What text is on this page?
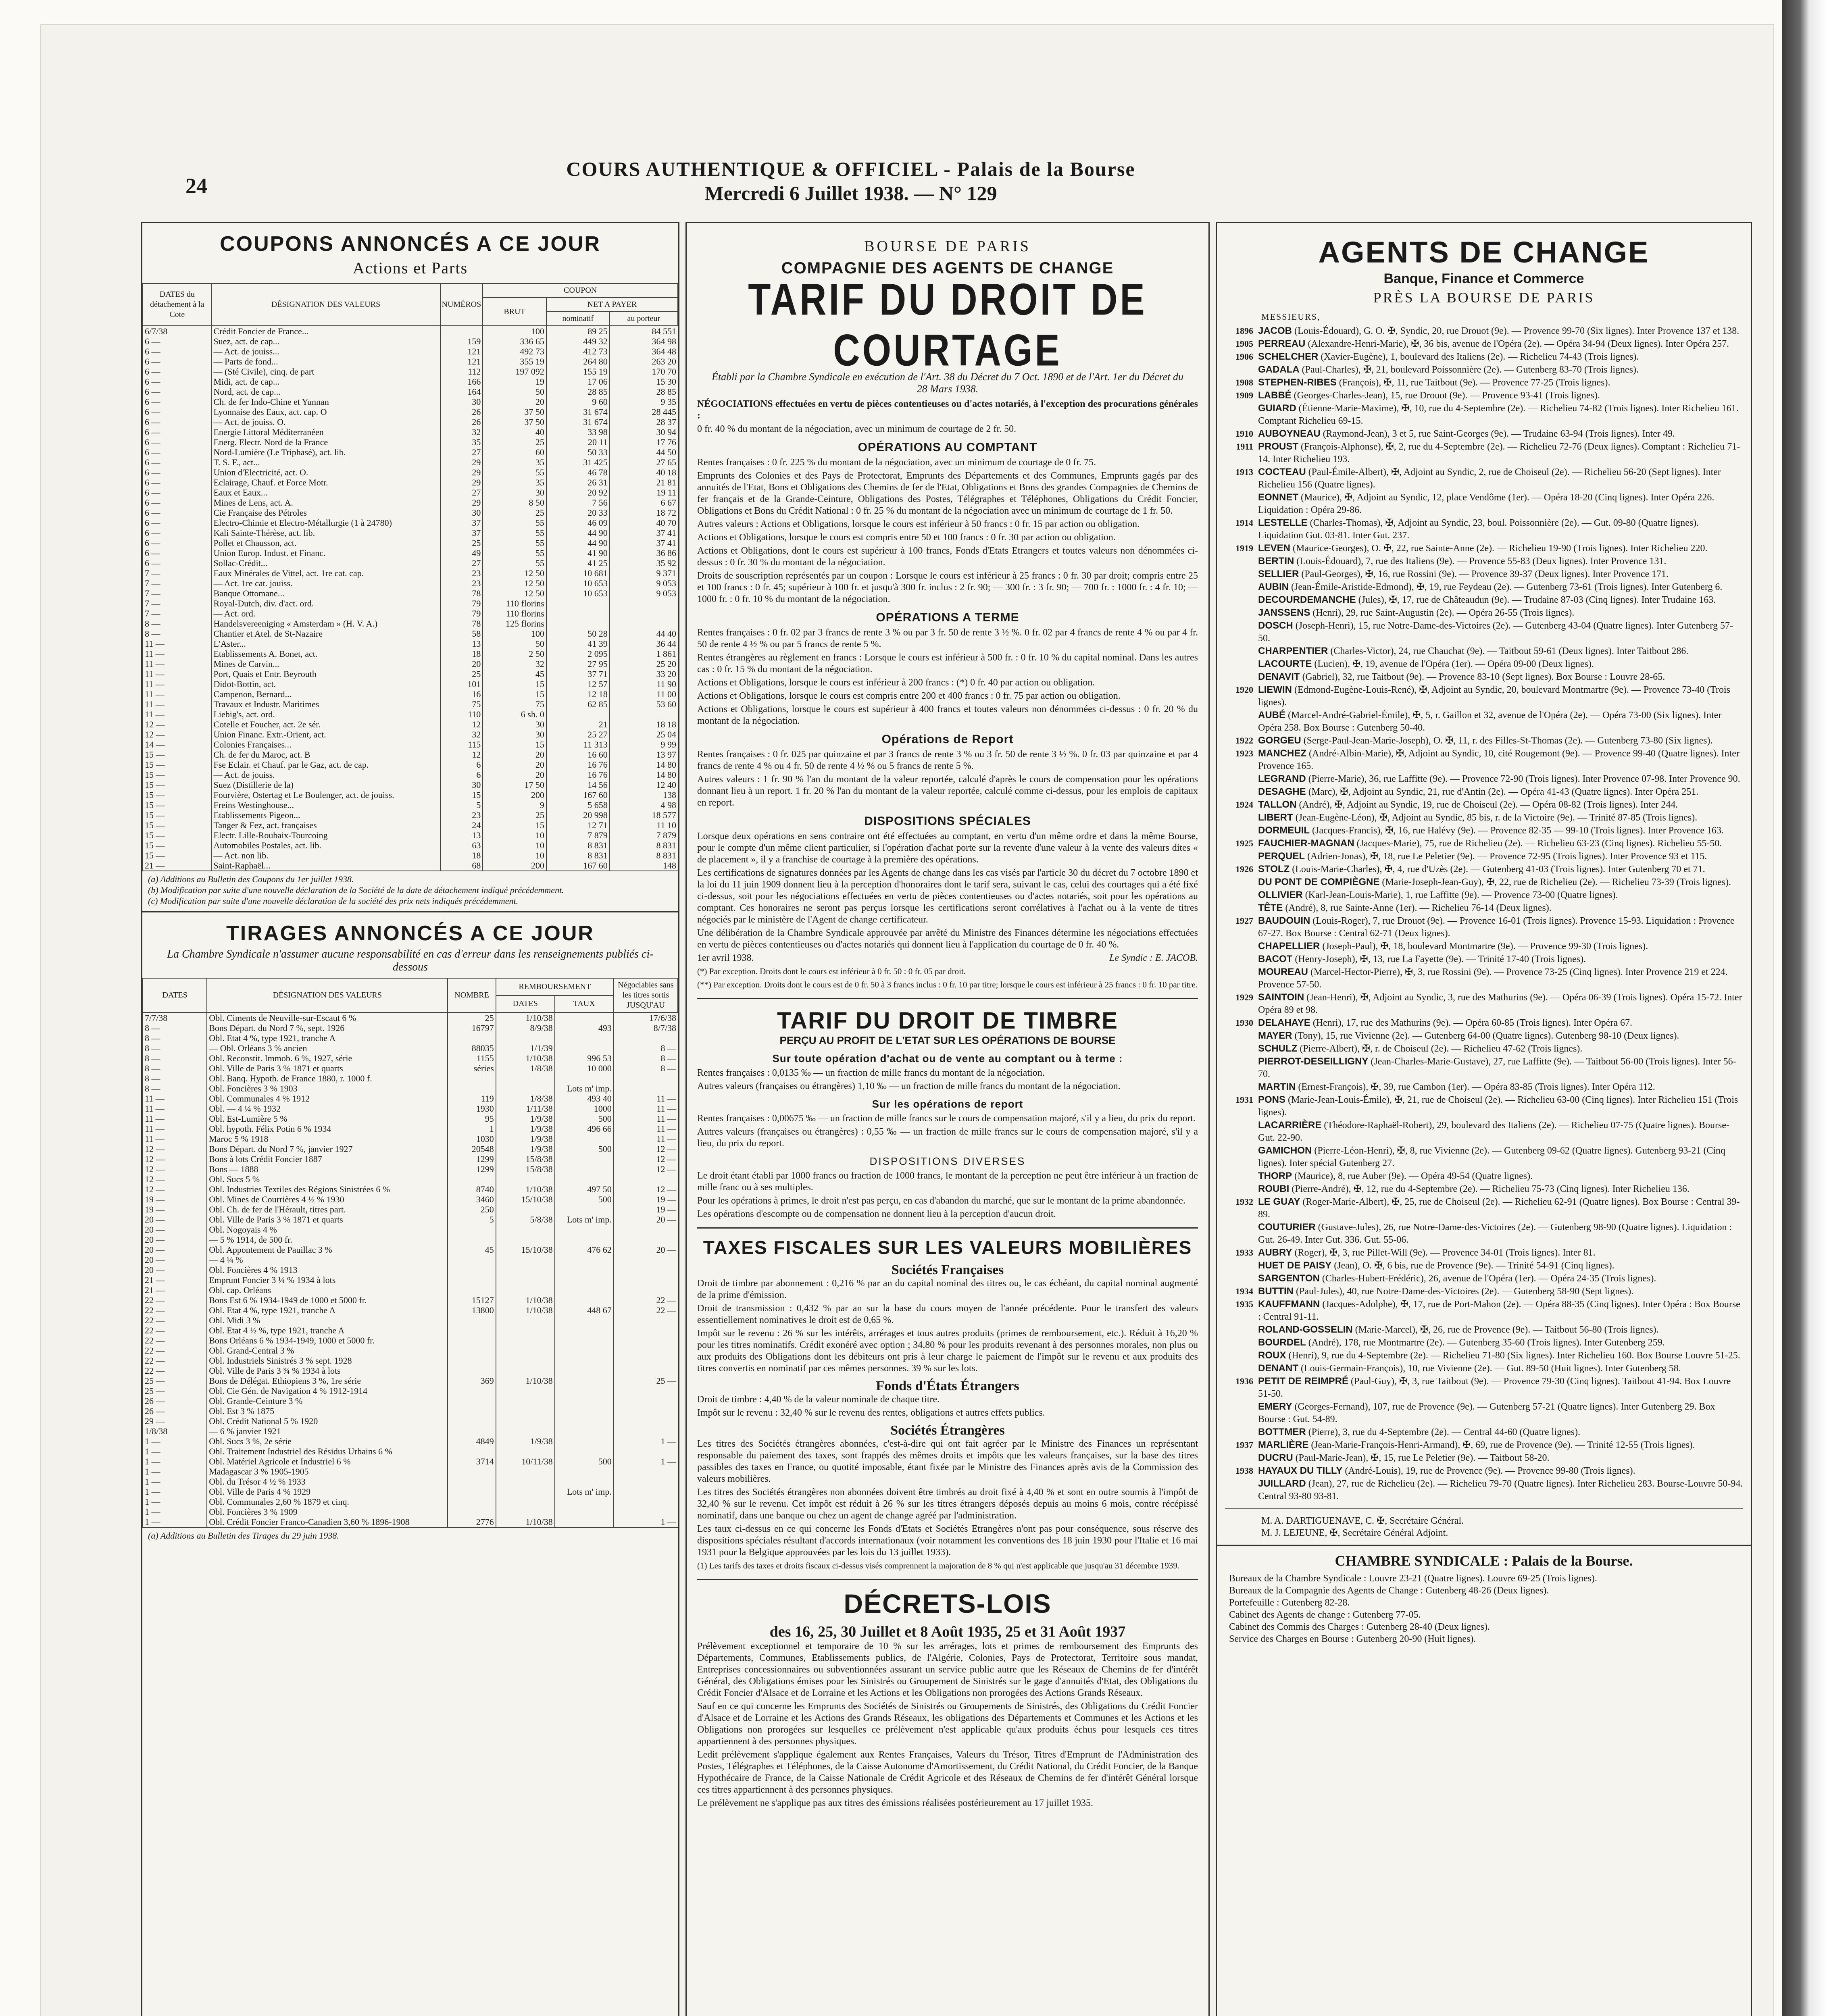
COURS AUTHENTIQUE & OFFICIEL - Palais de la Bourse
Mercredi 6 Juillet 1938. — N° 129
24
COUPONS ANNONCÉS A CE JOUR
Actions et Parts
DATES du détachement à la Cote	DÉSIGNATION DES VALEURS	NUMÉROS	COUPON		
			BRUT	NET A PAYER	
				nominatif	au porteur
6/7/38	Crédit Foncier de France...		100	89 25	84 551
6 —	Suez, act. de cap...	159	336 65	449 32	364 98
6 —	— Act. de jouiss...	121	492 73	412 73	364 48
6 —	— Parts de fond...	121	355 19	264 80	263 20
6 —	— (Sté Civile), cinq. de part	112	197 092	155 19	170 70
6 —	Midi, act. de cap...	166	19	17 06	15 30
6 —	Nord, act. de cap...	164	50	28 85	28 85
6 —	Ch. de fer Indo-Chine et Yunnan	30	20	9 60	9 35
6 —	Lyonnaise des Eaux, act. cap. O	26	37 50	31 674	28 445
6 —	— Act. de jouiss. O.	26	37 50	31 674	28 37
6 —	Energie Littoral Méditerranéen	32	40	33 98	30 94
6 —	Energ. Electr. Nord de la France	35	25	20 11	17 76
6 —	Nord-Lumière (Le Triphasé), act. lib.	27	60	50 33	44 50
6 —	T. S. F., act...	29	35	31 425	27 65
6 —	Union d'Electricité, act. O.	29	55	46 78	40 18
6 —	Eclairage, Chauf. et Force Motr.	29	35	26 31	21 81
6 —	Eaux et Eaux...	27	30	20 92	19 11
6 —	Mines de Lens, act. A.	29	8 50	7 56	6 67
6 —	Cie Française des Pétroles	30	25	20 33	18 72
6 —	Electro-Chimie et Electro-Métallurgie (1 à 24780)	37	55	46 09	40 70
6 —	Kali Sainte-Thérèse, act. lib.	37	55	44 90	37 41
6 —	Pollet et Chausson, act.	25	55	44 90	37 41
6 —	Union Europ. Indust. et Financ.	49	55	41 90	36 86
6 —	Sollac-Crédit...	27	55	41 25	35 92
7 —	Eaux Minérales de Vittel, act. 1re cat. cap.	23	12 50	10 681	9 371
7 —	— Act. 1re cat. jouiss.	23	12 50	10 653	9 053
7 —	Banque Ottomane...	78	12 50	10 653	9 053
7 —	Royal-Dutch, div. d'act. ord.	79	110 florins		
7 —	— Act. ord.	79	110 florins		
8 —	Handelsvereeniging « Amsterdam » (H. V. A.)	78	125 florins		
8 —	Chantier et Atel. de St-Nazaire	58	100	50 28	44 40
11 —	L'Aster...	13	50	41 39	36 44
11 —	Etablissements A. Bonet, act.	18	2 50	2 095	1 861
11 —	Mines de Carvin...	20	32	27 95	25 20
11 —	Port, Quais et Entr. Beyrouth	25	45	37 71	33 20
11 —	Didot-Bottin, act.	101	15	12 57	11 90
11 —	Campenon, Bernard...	16	15	12 18	11 00
11 —	Travaux et Industr. Maritimes	75	75	62 85	53 60
11 —	Liebig's, act. ord.	110	6 sh. 0		
12 —	Cotelle et Foucher, act. 2e sér.	12	30	21	18 18
12 —	Union Financ. Extr.-Orient, act.	32	30	25 27	25 04
14 —	Colonies Françaises...	115	15	11 313	9 99
15 —	Ch. de fer du Maroc, act. B	12	20	16 60	13 97
15 —	Fse Eclair. et Chauf. par le Gaz, act. de cap.	6	20	16 76	14 80
15 —	— Act. de jouiss.	6	20	16 76	14 80
15 —	Suez (Distillerie de la)	30	17 50	14 56	12 40
15 —	Fourvière, Ostertag et Le Boulenger, act. de jouiss.	15	200	167 60	138
15 —	Freins Westinghouse...	5	9	5 658	4 98
15 —	Etablissements Pigeon...	23	25	20 998	18 577
15 —	Tanger & Fez, act. françaises	24	15	12 71	11 10
15 —	Electr. Lille-Roubaix-Tourcoing	13	10	7 879	7 879
15 —	Automobiles Postales, act. lib.	63	10	8 831	8 831
15 —	— Act. non lib.	18	10	8 831	8 831
21 —	Saint-Raphaël...	68	200	167 60	148
(a) Additions au Bulletin des Coupons du 1er juillet 1938.
(b) Modification par suite d'une nouvelle déclaration de la Société de la date de détachement indiqué précédemment.
(c) Modification par suite d'une nouvelle déclaration de la société des prix nets indiqués précédemment.
TIRAGES ANNONCÉS A CE JOUR
La Chambre Syndicale n'assumer aucune responsabilité en cas d'erreur dans les renseignements publiés ci-dessous
DATES	DÉSIGNATION DES VALEURS	NOMBRE	REMBOURSEMENT		Négociables sans les titres sortis JUSQU'AU
			DATES	TAUX	
7/7/38	Obl. Ciments de Neuville-sur-Escaut 6 %	25	1/10/38		17/6/38
8 —	Bons Départ. du Nord 7 %, sept. 1926	16797	8/9/38	493	8/7/38
8 —	Obl. Etat 4 %, type 1921, tranche A				
8 —	— Obl. Orléans 3 % ancien	88035	1/1/39		8 —
8 —	Obl. Reconstit. Immob. 6 %, 1927, série	1155	1/10/38	996 53	8 —
8 —	Obl. Ville de Paris 3 % 1871 et quarts	séries	1/8/38	10 000	8 —
8 —	Obl. Banq. Hypoth. de France 1880, r. 1000 f.				
8 —	Obl. Foncières 3 % 1903			Lots m' imp.	
11 —	Obl. Communales 4 % 1912	119	1/8/38	493 40	11 —
11 —	Obl. — 4 ¼ % 1932	1930	1/11/38	1000	11 —
11 —	Obl. Est-Lumière 5 %	95	1/9/38	500	11 —
11 —	Obl. hypoth. Félix Potin 6 % 1934	1	1/9/38	496 66	11 —
11 —	Maroc 5 % 1918	1030	1/9/38		11 —
12 —	Bons Départ. du Nord 7 %, janvier 1927	20548	1/9/38	500	12 —
12 —	Bons à lots Crédit Foncier 1887	1299	15/8/38		12 —
12 —	Bons — 1888	1299	15/8/38		12 —
12 —	Obl. Sucs 5 %				
12 —	Obl. Industries Textiles des Régions Sinistrées 6 %	8740	1/10/38	497 50	12 —
19 —	Obl. Mines de Courrières 4 ½ % 1930	3460	15/10/38	500	19 —
19 —	Obl. Ch. de fer de l'Hérault, titres part.	250			19 —
20 —	Obl. Ville de Paris 3 % 1871 et quarts	5	5/8/38	Lots m' imp.	20 —
20 —	Obl. Nogoyais 4 %				
20 —	— 5 % 1914, de 500 fr.				
20 —	Obl. Appontement de Pauillac 3 %	45	15/10/38	476 62	20 —
20 —	— 4 ¼ %				
20 —	Obl. Foncières 4 % 1913				
21 —	Emprunt Foncier 3 ¼ % 1934 à lots				
21 —	Obl. cap. Orléans				
22 —	Bons Est 6 % 1934-1949 de 1000 et 5000 fr.	15127	1/10/38		22 —
22 —	Obl. Etat 4 %, type 1921, tranche A	13800	1/10/38	448 67	22 —
22 —	Obl. Midi 3 %				
22 —	Obl. Etat 4 ½ %, type 1921, tranche A				
22 —	Bons Orléans 6 % 1934-1949, 1000 et 5000 fr.				
22 —	Obl. Grand-Central 3 %				
22 —	Obl. Industriels Sinistrés 3 % sept. 1928				
22 —	Obl. Ville de Paris 3 ¾ % 1934 à lots				
25 —	Bons de Délégat. Ethiopiens 3 %, 1re série	369	1/10/38		25 —
25 —	Obl. Cie Gén. de Navigation 4 % 1912-1914				
26 —	Obl. Grande-Ceinture 3 %				
26 —	Obl. Est 3 % 1875				
29 —	Obl. Crédit National 5 % 1920				
1/8/38	— 6 % janvier 1921				
1 —	Obl. Sucs 3 %, 2e série	4849	1/9/38		1 —
1 —	Obl. Traitement Industriel des Résidus Urbains 6 %				
1 —	Obl. Matériel Agricole et Industriel 6 %	3714	10/11/38	500	1 —
1 —	Madagascar 3 % 1905-1905				
1 —	Obl. du Trésor 4 ½ % 1933				
1 —	Obl. Ville de Paris 4 % 1929			Lots m' imp.	
1 —	Obl. Communales 2,60 % 1879 et cinq.				
1 —	Obl. Foncières 3 % 1909				
1 —	Obl. Crédit Foncier Franco-Canadien 3,60 % 1896-1908	2776	1/10/38		1 —
(a) Additions au Bulletin des Tirages du 29 juin 1938.
BOURSE DE PARIS
COMPAGNIE DES AGENTS DE CHANGE
TARIF DU DROIT DE COURTAGE
Établi par la Chambre Syndicale en exécution de l'Art. 38 du Décret du 7 Oct. 1890 et de l'Art. 1er du Décret du 28 Mars 1938.
NÉGOCIATIONS effectuées en vertu de pièces contentieuses ou d'actes notariés, à l'exception des procurations générales :
0 fr. 40 % du montant de la négociation, avec un minimum de courtage de 2 fr. 50.
OPÉRATIONS AU COMPTANT
Rentes françaises : 0 fr. 225 % du montant de la négociation, avec un minimum de courtage de 0 fr. 75.
Emprunts des Colonies et des Pays de Protectorat, Emprunts des Départements et des Communes, Emprunts gagés par des annuités de l'Etat, Bons et Obligations des Chemins de fer de l'Etat, Obligations et Bons des grandes Compagnies de Chemins de fer français et de la Grande-Ceinture, Obligations des Postes, Télégraphes et Téléphones, Obligations du Crédit Foncier, Obligations et Bons du Crédit National : 0 fr. 25 % du montant de la négociation avec un minimum de courtage de 1 fr. 50.
Autres valeurs : Actions et Obligations, lorsque le cours est inférieur à 50 francs : 0 fr. 15 par action ou obligation.
Actions et Obligations, lorsque le cours est compris entre 50 et 100 francs : 0 fr. 30 par action ou obligation.
Actions et Obligations, dont le cours est supérieur à 100 francs, Fonds d'Etats Etrangers et toutes valeurs non dénommées ci-dessus : 0 fr. 30 % du montant de la négociation.
Droits de souscription représentés par un coupon : Lorsque le cours est inférieur à 25 francs : 0 fr. 30 par droit; compris entre 25 et 100 francs : 0 fr. 45; supérieur à 100 fr. et jusqu'à 300 fr. inclus : 2 fr. 90; — 300 fr. : 3 fr. 90; — 700 fr. : 1000 fr. : 4 fr. 10; — 1000 fr. : 0 fr. 10 % du montant de la négociation.
OPÉRATIONS A TERME
Rentes françaises : 0 fr. 02 par 3 francs de rente 3 % ou par 3 fr. 50 de rente 3 ½ %. 0 fr. 02 par 4 francs de rente 4 % ou par 4 fr. 50 de rente 4 ½ % ou par 5 francs de rente 5 %.
Rentes étrangères au règlement en francs : Lorsque le cours est inférieur à 500 fr. : 0 fr. 10 % du capital nominal. Dans les autres cas : 0 fr. 15 % du montant de la négociation.
Actions et Obligations, lorsque le cours est inférieur à 200 francs : (*) 0 fr. 40 par action ou obligation.
Actions et Obligations, lorsque le cours est compris entre 200 et 400 francs : 0 fr. 75 par action ou obligation.
Actions et Obligations, lorsque le cours est supérieur à 400 francs et toutes valeurs non dénommées ci-dessus : 0 fr. 20 % du montant de la négociation.
Opérations de Report
Rentes françaises : 0 fr. 025 par quinzaine et par 3 francs de rente 3 % ou 3 fr. 50 de rente 3 ½ %. 0 fr. 03 par quinzaine et par 4 francs de rente 4 % ou 4 fr. 50 de rente 4 ½ % ou 5 francs de rente 5 %.
Autres valeurs : 1 fr. 90 % l'an du montant de la valeur reportée, calculé d'après le cours de compensation pour les opérations donnant lieu à un report. 1 fr. 20 % l'an du montant de la valeur reportée, calculé comme ci-dessus, pour les emplois de capitaux en report.
DISPOSITIONS SPÉCIALES
Lorsque deux opérations en sens contraire ont été effectuées au comptant, en vertu d'un même ordre et dans la même Bourse, pour le compte d'un même client particulier, si l'opération d'achat porte sur la revente d'une valeur à la vente des valeurs dites « de placement », il y a franchise de courtage à la première des opérations.
Les certifications de signatures données par les Agents de change dans les cas visés par l'article 30 du décret du 7 octobre 1890 et la loi du 11 juin 1909 donnent lieu à la perception d'honoraires dont le tarif sera, suivant le cas, celui des courtages qui a été fixé ci-dessus, soit pour les négociations effectuées en vertu de pièces contentieuses ou d'actes notariés, soit pour les opérations au comptant. Ces honoraires ne seront pas perçus lorsque les certifications seront corrélatives à l'achat ou à la vente de titres négociés par le ministère de l'Agent de change certificateur.
Une délibération de la Chambre Syndicale approuvée par arrêté du Ministre des Finances détermine les négociations effectuées en vertu de pièces contentieuses ou d'actes notariés qui donnent lieu à l'application du courtage de 0 fr. 40 %.
1er avril 1938.	Le Syndic : E. JACOB.
(*) Par exception. Droits dont le cours est inférieur à 0 fr. 50 : 0 fr. 05 par droit.
(**) Par exception. Droits dont le cours est de 0 fr. 50 à 3 francs inclus : 0 fr. 10 par titre; lorsque le cours est inférieur à 25 francs : 0 fr. 10 par titre.
TARIF DU DROIT DE TIMBRE
PERÇU AU PROFIT DE L'ETAT SUR LES OPÉRATIONS DE BOURSE
Sur toute opération d'achat ou de vente au comptant ou à terme :
Rentes françaises : 0,0135 ‰ — un fraction de mille francs du montant de la négociation.
Autres valeurs (françaises ou étrangères) 1,10 ‰ — un fraction de mille francs du montant de la négociation.
Sur les opérations de report
Rentes françaises : 0,00675 ‰ — un fraction de mille francs sur le cours de compensation majoré, s'il y a lieu, du prix du report.
Autres valeurs (françaises ou étrangères) : 0,55 ‰ — un fraction de mille francs sur le cours de compensation majoré, s'il y a lieu, du prix du report.
DISPOSITIONS DIVERSES
Le droit étant établi par 1000 francs ou fraction de 1000 francs, le montant de la perception ne peut être inférieur à un fraction de mille franc ou à ses multiples.
Pour les opérations à primes, le droit n'est pas perçu, en cas d'abandon du marché, que sur le montant de la prime abandonnée.
Les opérations d'escompte ou de compensation ne donnent lieu à la perception d'aucun droit.
TAXES FISCALES SUR LES VALEURS MOBILIÈRES
Sociétés Françaises
Droit de timbre par abonnement : 0,216 % par an du capital nominal des titres ou, le cas échéant, du capital nominal augmenté de la prime d'émission.
Droit de transmission : 0,432 % par an sur la base du cours moyen de l'année précédente. Pour le transfert des valeurs essentiellement nominatives le droit est de 0,65 %.
Impôt sur le revenu : 26 % sur les intérêts, arrérages et tous autres produits (primes de remboursement, etc.). Réduit à 16,20 % pour les titres nominatifs. Crédit exonéré avec option ; 34,80 % pour les produits revenant à des personnes morales, non plus ou aux produits des Obligations dont les débiteurs ont pris à leur charge le paiement de l'impôt sur le revenu et aux produits des titres convertis en nominatif par ces mêmes personnes. 39 % sur les lots.
Fonds d'États Étrangers
Droit de timbre : 4,40 % de la valeur nominale de chaque titre.
Impôt sur le revenu : 32,40 % sur le revenu des rentes, obligations et autres effets publics.
Sociétés Étrangères
Les titres des Sociétés étrangères abonnées, c'est-à-dire qui ont fait agréer par le Ministre des Finances un représentant responsable du paiement des taxes, sont frappés des mêmes droits et impôts que les valeurs françaises, sur la base des titres passibles des taxes en France, ou quotité imposable, étant fixée par le Ministre des Finances après avis de la Commission des valeurs mobilières.
Les titres des Sociétés étrangères non abonnées doivent être timbrés au droit fixé à 4,40 % et sont en outre soumis à l'impôt de 32,40 % sur le revenu. Cet impôt est réduit à 26 % sur les titres étrangers déposés depuis au moins 6 mois, contre récépissé nominatif, dans une banque ou chez un agent de change agréé par l'administration.
Les taux ci-dessus en ce qui concerne les Fonds d'Etats et Sociétés Etrangères n'ont pas pour conséquence, sous réserve des dispositions spéciales résultant d'accords internationaux (voir notamment les conventions des 18 juin 1930 pour l'Italie et 16 mai 1931 pour la Belgique approuvées par les lois du 13 juillet 1933).
(1) Les tarifs des taxes et droits fiscaux ci-dessus visés comprennent la majoration de 8 % qui n'est applicable que jusqu'au 31 décembre 1939.
DÉCRETS-LOIS
des 16, 25, 30 Juillet et 8 Août 1935, 25 et 31 Août 1937
Prélèvement exceptionnel et temporaire de 10 % sur les arrérages, lots et primes de remboursement des Emprunts des Départements, Communes, Etablissements publics, de l'Algérie, Colonies, Pays de Protectorat, Territoire sous mandat, Entreprises concessionnaires ou subventionnées assurant un service public autre que les Réseaux de Chemins de fer d'intérêt Général, des Obligations émises pour les Sinistrés ou Groupement de Sinistrés sur le gage d'annuités d'Etat, des Obligations du Crédit Foncier d'Alsace et de Lorraine et les Actions et les Obligations non prorogées des Actions Grands Réseaux.
Sauf en ce qui concerne les Emprunts des Sociétés de Sinistrés ou Groupements de Sinistrés, des Obligations du Crédit Foncier d'Alsace et de Lorraine et les Actions des Grands Réseaux, les obligations des Départements et Communes et les Actions et les Obligations non prorogées sur lesquelles ce prélèvement n'est applicable qu'aux produits échus pour lesquels ces titres appartiennent à des personnes physiques.
Ledit prélèvement s'applique également aux Rentes Françaises, Valeurs du Trésor, Titres d'Emprunt de l'Administration des Postes, Télégraphes et Téléphones, de la Caisse Autonome d'Amortissement, du Crédit National, du Crédit Foncier, de la Banque Hypothécaire de France, de la Caisse Nationale de Crédit Agricole et des Réseaux de Chemins de fer d'intérêt Général lorsque ces titres appartiennent à des personnes physiques.
Le prélèvement ne s'applique pas aux titres des émissions réalisées postérieurement au 17 juillet 1935.
AGENTS DE CHANGE
Banque, Finance et Commerce
PRÈS LA BOURSE DE PARIS
MESSIEURS,
1896 JACOB (Louis-Édouard), G. O. ✠, Syndic, 20, rue Drouot (9e). — Provence 99-70 (Six lignes). Inter Provence 137 et 138.
1905 PERREAU (Alexandre-Henri-Marie), ✠, 36 bis, avenue de l'Opéra (2e). — Opéra 34-94 (Deux lignes). Inter Opéra 257.
1906 SCHELCHER (Xavier-Eugène), 1, boulevard des Italiens (2e). — Richelieu 74-43 (Trois lignes).
GADALA (Paul-Charles), ✠, 21, boulevard Poissonnière (2e). — Gutenberg 83-70 (Trois lignes).
1908 STEPHEN-RIBES (François), ✠, 11, rue Taitbout (9e). — Provence 77-25 (Trois lignes).
1909 LABBÉ (Georges-Charles-Jean), 15, rue Drouot (9e). — Provence 93-41 (Trois lignes).
GUIARD (Étienne-Marie-Maxime), ✠, 10, rue du 4-Septembre (2e). — Richelieu 74-82 (Trois lignes). Inter Richelieu 161. Comptant Richelieu 69-15.
1910 AUBOYNEAU (Raymond-Jean), 3 et 5, rue Saint-Georges (9e). — Trudaine 63-94 (Trois lignes). Inter 49.
1911 PROUST (François-Alphonse), ✠, 2, rue du 4-Septembre (2e). — Richelieu 72-76 (Deux lignes). Comptant : Richelieu 71-14. Inter Richelieu 193.
1913 COCTEAU (Paul-Émile-Albert), ✠, Adjoint au Syndic, 2, rue de Choiseul (2e). — Richelieu 56-20 (Sept lignes). Inter Richelieu 156 (Quatre lignes).
EONNET (Maurice), ✠, Adjoint au Syndic, 12, place Vendôme (1er). — Opéra 18-20 (Cinq lignes). Inter Opéra 226. Liquidation : Opéra 29-86.
1914 LESTELLE (Charles-Thomas), ✠, Adjoint au Syndic, 23, boul. Poissonnière (2e). — Gut. 09-80 (Quatre lignes). Liquidation Gut. 03-81. Inter Gut. 237.
1919 LEVEN (Maurice-Georges), O. ✠, 22, rue Sainte-Anne (2e). — Richelieu 19-90 (Trois lignes). Inter Richelieu 220.
BERTIN (Louis-Édouard), 7, rue des Italiens (9e). — Provence 55-83 (Deux lignes). Inter Provence 131.
SELLIER (Paul-Georges), ✠, 16, rue Rossini (9e). — Provence 39-37 (Deux lignes). Inter Provence 171.
AUBIN (Jean-Émile-Aristide-Edmond), ✠, 19, rue Feydeau (2e). — Gutenberg 73-61 (Trois lignes). Inter Gutenberg 6.
DECOURDEMANCHE (Jules), ✠, 17, rue de Châteaudun (9e). — Trudaine 87-03 (Cinq lignes). Inter Trudaine 163.
JANSSENS (Henri), 29, rue Saint-Augustin (2e). — Opéra 26-55 (Trois lignes).
DOSCH (Joseph-Henri), 15, rue Notre-Dame-des-Victoires (2e). — Gutenberg 43-04 (Quatre lignes). Inter Gutenberg 57-50.
CHARPENTIER (Charles-Victor), 24, rue Chauchat (9e). — Taitbout 59-61 (Deux lignes). Inter Taitbout 286.
LACOURTE (Lucien), ✠, 19, avenue de l'Opéra (1er). — Opéra 09-00 (Deux lignes).
DENAVIT (Gabriel), 32, rue Taitbout (9e). — Provence 83-10 (Sept lignes). Box Bourse : Louvre 28-65.
1920 LIEWIN (Edmond-Eugène-Louis-René), ✠, Adjoint au Syndic, 20, boulevard Montmartre (9e). — Provence 73-40 (Trois lignes).
AUBÉ (Marcel-André-Gabriel-Émile), ✠, 5, r. Gaillon et 32, avenue de l'Opéra (2e). — Opéra 73-00 (Six lignes). Inter Opéra 258. Box Bourse : Gutenberg 50-40.
1922 GORGEU (Serge-Paul-Jean-Marie-Joseph), O. ✠, 11, r. des Filles-St-Thomas (2e). — Gutenberg 73-80 (Six lignes).
1923 MANCHEZ (André-Albin-Marie), ✠, Adjoint au Syndic, 10, cité Rougemont (9e). — Provence 99-40 (Quatre lignes). Inter Provence 165.
LEGRAND (Pierre-Marie), 36, rue Laffitte (9e). — Provence 72-90 (Trois lignes). Inter Provence 07-98. Inter Provence 90.
DESAGHE (Marc), ✠, Adjoint au Syndic, 21, rue d'Antin (2e). — Opéra 41-43 (Quatre lignes). Inter Opéra 251.
1924 TALLON (André), ✠, Adjoint au Syndic, 19, rue de Choiseul (2e). — Opéra 08-82 (Trois lignes). Inter 244.
LIBERT (Jean-Eugène-Léon), ✠, Adjoint au Syndic, 85 bis, r. de la Victoire (9e). — Trinité 87-85 (Trois lignes).
DORMEUIL (Jacques-Francis), ✠, 16, rue Halévy (9e). — Provence 82-35 — 99-10 (Trois lignes). Inter Provence 163.
1925 FAUCHIER-MAGNAN (Jacques-Marie), 75, rue de Richelieu (2e). — Richelieu 63-23 (Cinq lignes). Richelieu 55-50.
PERQUEL (Adrien-Jonas), ✠, 18, rue Le Peletier (9e). — Provence 72-95 (Trois lignes). Inter Provence 93 et 115.
1926 STOLZ (Louis-Marie-Charles), ✠, 4, rue d'Uzès (2e). — Gutenberg 41-03 (Trois lignes). Inter Gutenberg 70 et 71.
DU PONT DE COMPIÈGNE (Marie-Joseph-Jean-Guy), ✠, 22, rue de Richelieu (2e). — Richelieu 73-39 (Trois lignes).
OLLIVIER (Karl-Jean-Louis-Marie), 1, rue Laffitte (9e). — Provence 73-00 (Quatre lignes).
TÊTE (André), 8, rue Sainte-Anne (1er). — Richelieu 76-14 (Deux lignes).
1927 BAUDOUIN (Louis-Roger), 7, rue Drouot (9e). — Provence 16-01 (Trois lignes). Provence 15-93. Liquidation : Provence 67-27. Box Bourse : Central 62-71 (Deux lignes).
CHAPELLIER (Joseph-Paul), ✠, 18, boulevard Montmartre (9e). — Provence 99-30 (Trois lignes).
BACOT (Henry-Joseph), ✠, 13, rue La Fayette (9e). — Trinité 17-40 (Trois lignes).
MOUREAU (Marcel-Hector-Pierre), ✠, 3, rue Rossini (9e). — Provence 73-25 (Cinq lignes). Inter Provence 219 et 224. Provence 57-50.
1929 SAINTOIN (Jean-Henri), ✠, Adjoint au Syndic, 3, rue des Mathurins (9e). — Opéra 06-39 (Trois lignes). Opéra 15-72. Inter Opéra 89 et 98.
1930 DELAHAYE (Henri), 17, rue des Mathurins (9e). — Opéra 60-85 (Trois lignes). Inter Opéra 67.
MAYER (Tony), 15, rue Vivienne (2e). — Gutenberg 64-00 (Quatre lignes). Gutenberg 98-10 (Deux lignes).
SCHULZ (Pierre-Albert), ✠, r. de Choiseul (2e). — Richelieu 47-62 (Trois lignes).
PIERROT-DESEILLIGNY (Jean-Charles-Marie-Gustave), 27, rue Laffitte (9e). — Taitbout 56-00 (Trois lignes). Inter 56-70.
MARTIN (Ernest-François), ✠, 39, rue Cambon (1er). — Opéra 83-85 (Trois lignes). Inter Opéra 112.
1931 PONS (Marie-Jean-Louis-Émile), ✠, 21, rue de Choiseul (2e). — Richelieu 63-00 (Cinq lignes). Inter Richelieu 151 (Trois lignes).
LACARRIÈRE (Théodore-Raphaël-Robert), 29, boulevard des Italiens (2e). — Richelieu 07-75 (Quatre lignes). Bourse-Gut. 22-90.
GAMICHON (Pierre-Léon-Henri), ✠, 8, rue Vivienne (2e). — Gutenberg 09-62 (Quatre lignes). Gutenberg 93-21 (Cinq lignes). Inter spécial Gutenberg 27.
THORP (Maurice), 8, rue Auber (9e). — Opéra 49-54 (Quatre lignes).
ROUBI (Pierre-André), ✠, 12, rue du 4-Septembre (2e). — Richelieu 75-73 (Cinq lignes). Inter Richelieu 136.
1932 LE GUAY (Roger-Marie-Albert), ✠, 25, rue de Choiseul (2e). — Richelieu 62-91 (Quatre lignes). Box Bourse : Central 39-89.
COUTURIER (Gustave-Jules), 26, rue Notre-Dame-des-Victoires (2e). — Gutenberg 98-90 (Quatre lignes). Liquidation : Gut. 26-49. Inter Gut. 336. Gut. 55-06.
1933 AUBRY (Roger), ✠, 3, rue Pillet-Will (9e). — Provence 34-01 (Trois lignes). Inter 81.
HUET DE PAISY (Jean), O. ✠, 6 bis, rue de Provence (9e). — Trinité 54-91 (Cinq lignes).
SARGENTON (Charles-Hubert-Frédéric), 26, avenue de l'Opéra (1er). — Opéra 24-35 (Trois lignes).
1934 BUTTIN (Paul-Jules), 40, rue Notre-Dame-des-Victoires (2e). — Gutenberg 58-90 (Sept lignes).
1935 KAUFFMANN (Jacques-Adolphe), ✠, 17, rue de Port-Mahon (2e). — Opéra 88-35 (Cinq lignes). Inter Opéra : Box Bourse : Central 91-11.
ROLAND-GOSSELIN (Marie-Marcel), ✠, 26, rue de Provence (9e). — Taitbout 56-80 (Trois lignes).
BOURDEL (André), 178, rue Montmartre (2e). — Gutenberg 35-60 (Trois lignes). Inter Gutenberg 259.
ROUX (Henri), 9, rue du 4-Septembre (2e). — Richelieu 71-80 (Six lignes). Inter Richelieu 160. Box Bourse Louvre 51-25.
DENANT (Louis-Germain-François), 10, rue Vivienne (2e). — Gut. 89-50 (Huit lignes). Inter Gutenberg 58.
1936 PETIT DE REIMPRÉ (Paul-Guy), ✠, 3, rue Taitbout (9e). — Provence 79-30 (Cinq lignes). Taitbout 41-94. Box Louvre 51-50.
EMERY (Georges-Fernand), 107, rue de Provence (9e). — Gutenberg 57-21 (Quatre lignes). Inter Gutenberg 29. Box Bourse : Gut. 54-89.
BOTTMER (Pierre), 3, rue du 4-Septembre (2e). — Central 44-60 (Quatre lignes).
1937 MARLIÈRE (Jean-Marie-François-Henri-Armand), ✠, 69, rue de Provence (9e). — Trinité 12-55 (Trois lignes).
DUCRU (Paul-Marie-Jean), ✠, 15, rue Le Peletier (9e). — Taitbout 58-20.
1938 HAYAUX DU TILLY (André-Louis), 19, rue de Provence (9e). — Provence 99-80 (Trois lignes).
JUILLARD (Jean), 27, rue de Richelieu (2e). — Richelieu 79-70 (Quatre lignes). Inter Richelieu 283. Bourse-Louvre 50-94. Central 93-80 93-81.
M. A. DARTIGUENAVE, C. ✠, Secrétaire Général.
M. J. LEJEUNE, ✠, Secrétaire Général Adjoint.
CHAMBRE SYNDICALE : Palais de la Bourse.
Bureaux de la Chambre Syndicale : Louvre 23-21 (Quatre lignes). Louvre 69-25 (Trois lignes).
Bureaux de la Compagnie des Agents de Change : Gutenberg 48-26 (Deux lignes).
Portefeuille : Gutenberg 82-28.
Cabinet des Agents de change : Gutenberg 77-05.
Cabinet des Commis des Charges : Gutenberg 28-40 (Deux lignes).
Service des Charges en Bourse : Gutenberg 20-90 (Huit lignes).
